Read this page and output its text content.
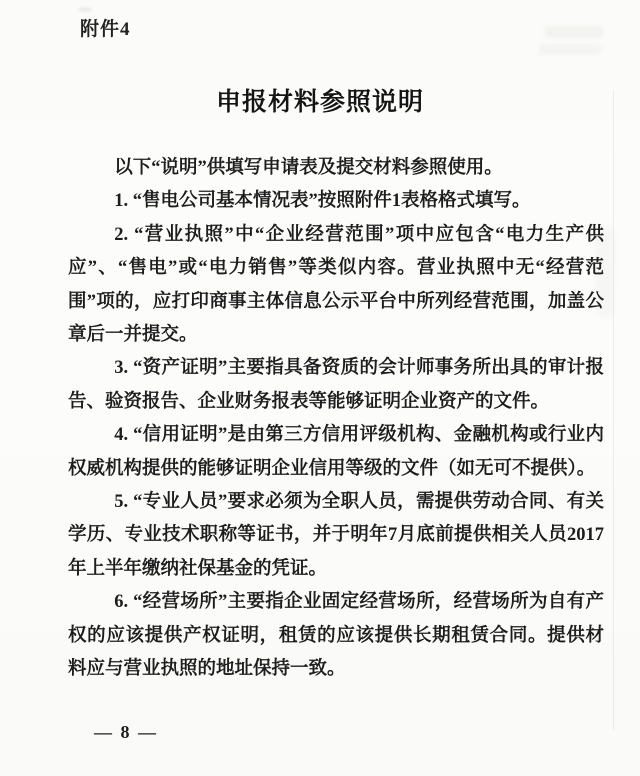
附件4
申报材料参照说明

以下“说明”供填写申请表及提交材料参照使用。

1. “售电公司基本情况表”按照附件1表格格式填写。

2. “营业执照”中“企业经营范围”项中应包含“电力生产供应”、“售电”或“电力销售”等类似内容。营业执照中无“经营范围”项的，应打印商事主体信息公示平台中所列经营范围，加盖公章后一并提交。

3. “资产证明”主要指具备资质的会计师事务所出具的审计报告、验资报告、企业财务报表等能够证明企业资产的文件。

4. “信用证明”是由第三方信用评级机构、金融机构或行业内权威机构提供的能够证明企业信用等级的文件（如无可不提供）。

5. “专业人员”要求必须为全职人员，需提供劳动合同、有关学历、专业技术职称等证书，并于明年7月底前提供相关人员2017年上半年缴纳社保基金的凭证。

6. “经营场所”主要指企业固定经营场所，经营场所为自有产权的应该提供产权证明，租赁的应该提供长期租赁合同。提供材料应与营业执照的地址保持一致。

— 8 —
